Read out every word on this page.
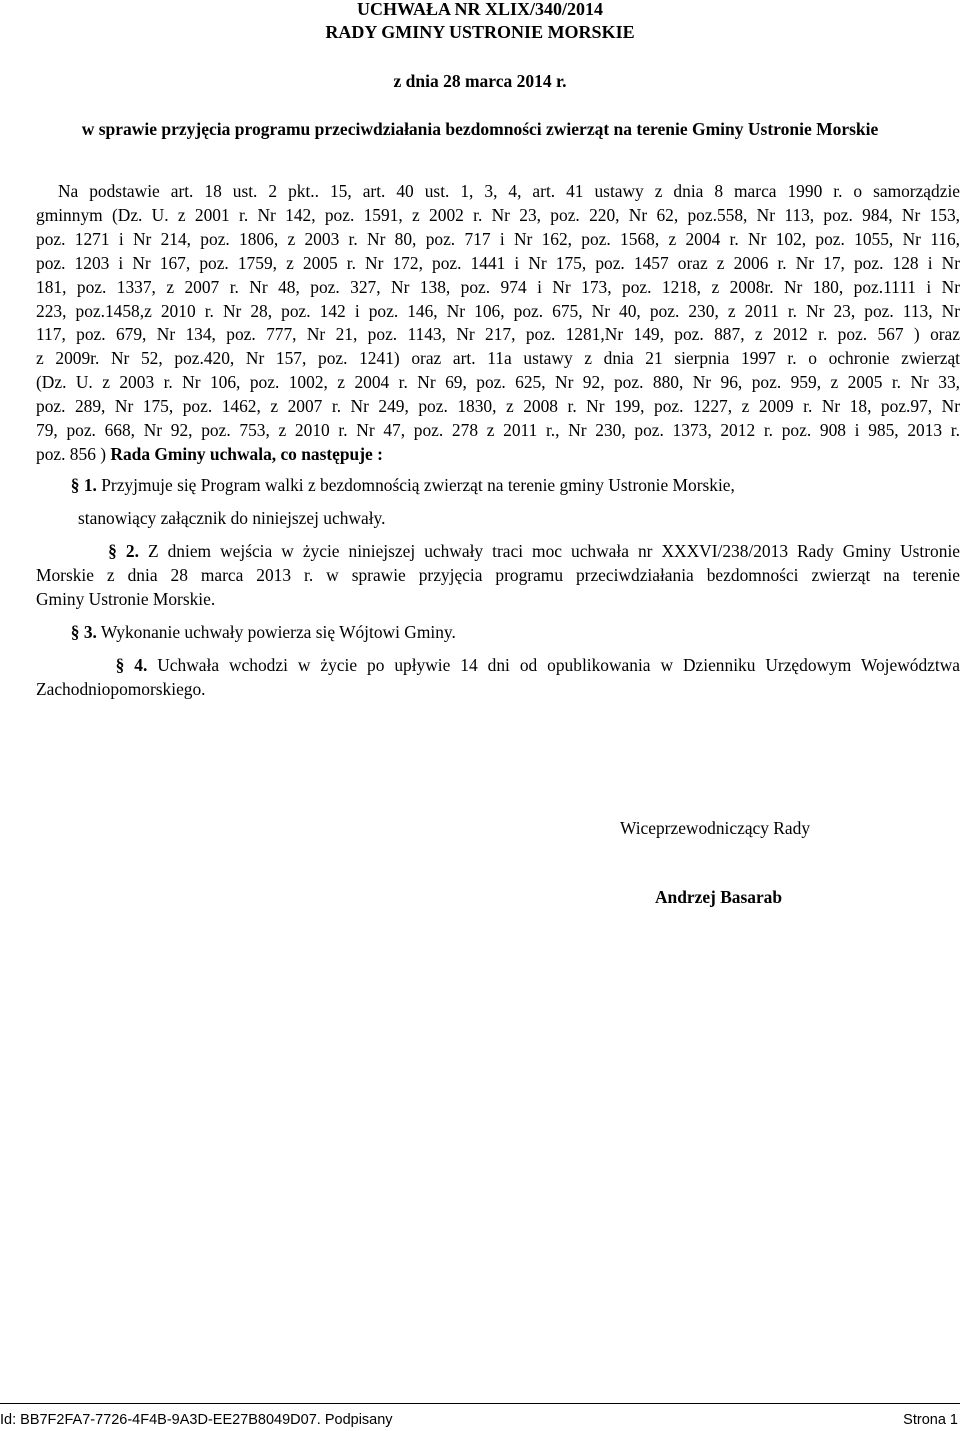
UCHWAŁA NR XLIX/340/2014
RADY GMINY USTRONIE MORSKIE
z dnia 28 marca 2014 r.
w sprawie przyjęcia programu przeciwdziałania bezdomności zwierząt na terenie Gminy Ustronie Morskie
Na podstawie art. 18 ust. 2 pkt.. 15, art. 40 ust. 1, 3, 4, art. 41 ustawy z dnia 8 marca 1990 r. o samorządzie
gminnym (Dz. U. z 2001 r. Nr 142, poz. 1591, z 2002 r. Nr 23, poz. 220, Nr 62, poz.558, Nr 113, poz. 984, Nr 153,
poz. 1271 i Nr 214, poz. 1806, z 2003 r. Nr 80, poz. 717 i Nr 162, poz. 1568, z 2004 r. Nr 102, poz. 1055, Nr 116,
poz. 1203 i Nr 167, poz. 1759, z 2005 r. Nr 172, poz. 1441 i Nr 175, poz. 1457 oraz z 2006 r. Nr 17, poz. 128 i Nr
181, poz. 1337, z 2007 r. Nr 48, poz. 327, Nr 138, poz. 974 i Nr 173, poz. 1218, z 2008r. Nr 180, poz.1111 i Nr
223, poz.1458,z 2010 r. Nr 28, poz. 142 i poz. 146, Nr 106, poz. 675, Nr 40, poz. 230, z 2011 r. Nr 23, poz. 113, Nr
117, poz. 679, Nr 134, poz. 777, Nr 21, poz. 1143, Nr 217, poz. 1281,Nr 149, poz. 887, z 2012 r. poz. 567 ) oraz
z 2009r. Nr 52, poz.420, Nr 157, poz. 1241) oraz art. 11a ustawy z dnia 21 sierpnia 1997 r. o ochronie zwierząt
(Dz. U. z 2003 r. Nr 106, poz. 1002, z 2004 r. Nr 69, poz. 625, Nr 92, poz. 880, Nr 96, poz. 959, z 2005 r. Nr 33,
poz. 289, Nr 175, poz. 1462, z 2007 r. Nr 249, poz. 1830, z 2008 r. Nr 199, poz. 1227, z 2009 r. Nr 18, poz.97, Nr
79, poz. 668, Nr 92, poz. 753, z 2010 r. Nr 47, poz. 278 z 2011 r., Nr 230, poz. 1373, 2012 r. poz. 908 i 985, 2013 r.
poz. 856 ) Rada Gminy uchwala, co następuje :
§ 1. Przyjmuje się Program walki z bezdomnością zwierząt na terenie gminy Ustronie Morskie,
stanowiący załącznik do niniejszej uchwały.
§ 2. Z dniem wejścia w życie niniejszej uchwały traci moc uchwała nr XXXVI/238/2013 Rady Gminy Ustronie
Morskie z dnia 28 marca 2013 r. w sprawie przyjęcia programu przeciwdziałania bezdomności zwierząt na terenie
Gminy Ustronie Morskie.
§ 3. Wykonanie uchwały powierza się Wójtowi Gminy.
§ 4. Uchwała wchodzi w życie po upływie 14 dni od opublikowania w Dzienniku Urzędowym Województwa
Zachodniopomorskiego.
Wiceprzewodniczący Rady
Andrzej Basarab
Id: BB7F2FA7-7726-4F4B-9A3D-EE27B8049D07. Podpisany	Strona 1
